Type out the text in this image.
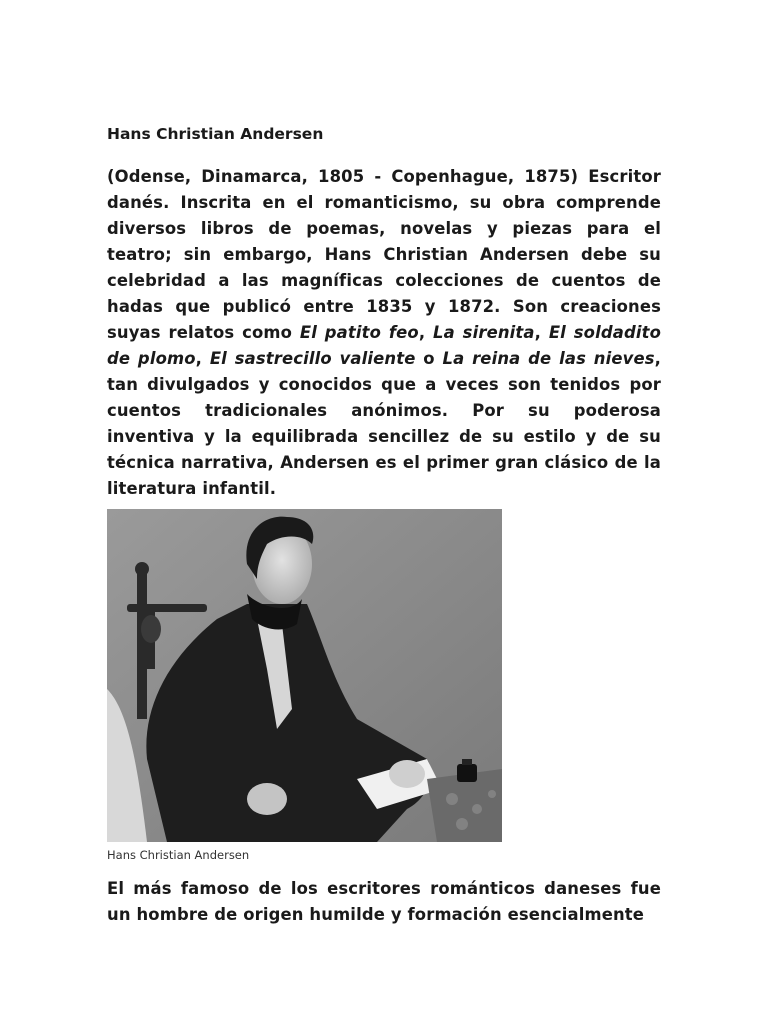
Hans Christian Andersen

(Odense, Dinamarca, 1805 - Copenhague, 1875) Escritor danés. Inscrita en el romanticismo, su obra comprende diversos libros de poemas, novelas y piezas para el teatro; sin embargo, Hans Christian Andersen debe su celebridad a las magníficas colecciones de cuentos de hadas que publicó entre 1835 y 1872. Son creaciones suyas relatos como El patito feo, La sirenita, El soldadito de plomo, El sastrecillo valiente o La reina de las nieves, tan divulgados y conocidos que a veces son tenidos por cuentos tradicionales anónimos. Por su poderosa inventiva y la equilibrada sencillez de su estilo y de su técnica narrativa, Andersen es el primer gran clásico de la literatura infantil.

Hans Christian Andersen

El más famoso de los escritores románticos daneses fue un hombre de origen humilde y formación esencialmente
